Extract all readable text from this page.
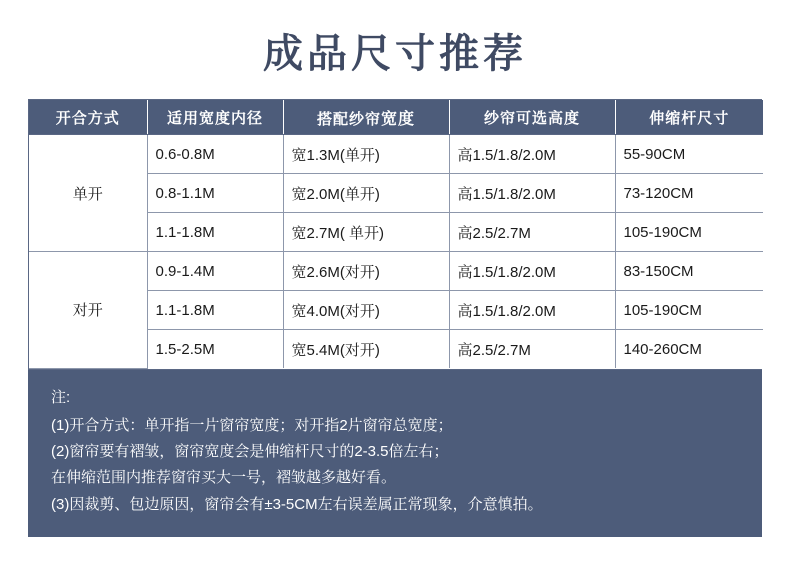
成品尺寸推荐
开合方式	适用宽度内径	搭配纱帘宽度	纱帘可选高度	伸缩杆尺寸
单开	0.6-0.8M	宽1.3M(单开)	高1.5/1.8/2.0M	55-90CM
	0.8-1.1M	宽2.0M(单开)	高1.5/1.8/2.0M	73-120CM
	1.1-1.8M	宽2.7M( 单开)	高2.5/2.7M	105-190CM
对开	0.9-1.4M	宽2.6M(对开)	高1.5/1.8/2.0M	83-150CM
	1.1-1.8M	宽4.0M(对开)	高1.5/1.8/2.0M	105-190CM
	1.5-2.5M	宽5.4M(对开)	高2.5/2.7M	140-260CM
注:
(1)开合方式：单开指一片窗帘宽度；对开指2片窗帘总宽度；
(2)窗帘要有褶皱，窗帘宽度会是伸缩杆尺寸的2-3.5倍左右；
在伸缩范围内推荐窗帘买大一号，褶皱越多越好看。
(3)因裁剪、包边原因，窗帘会有±3-5CM左右误差属正常现象，介意慎拍。
